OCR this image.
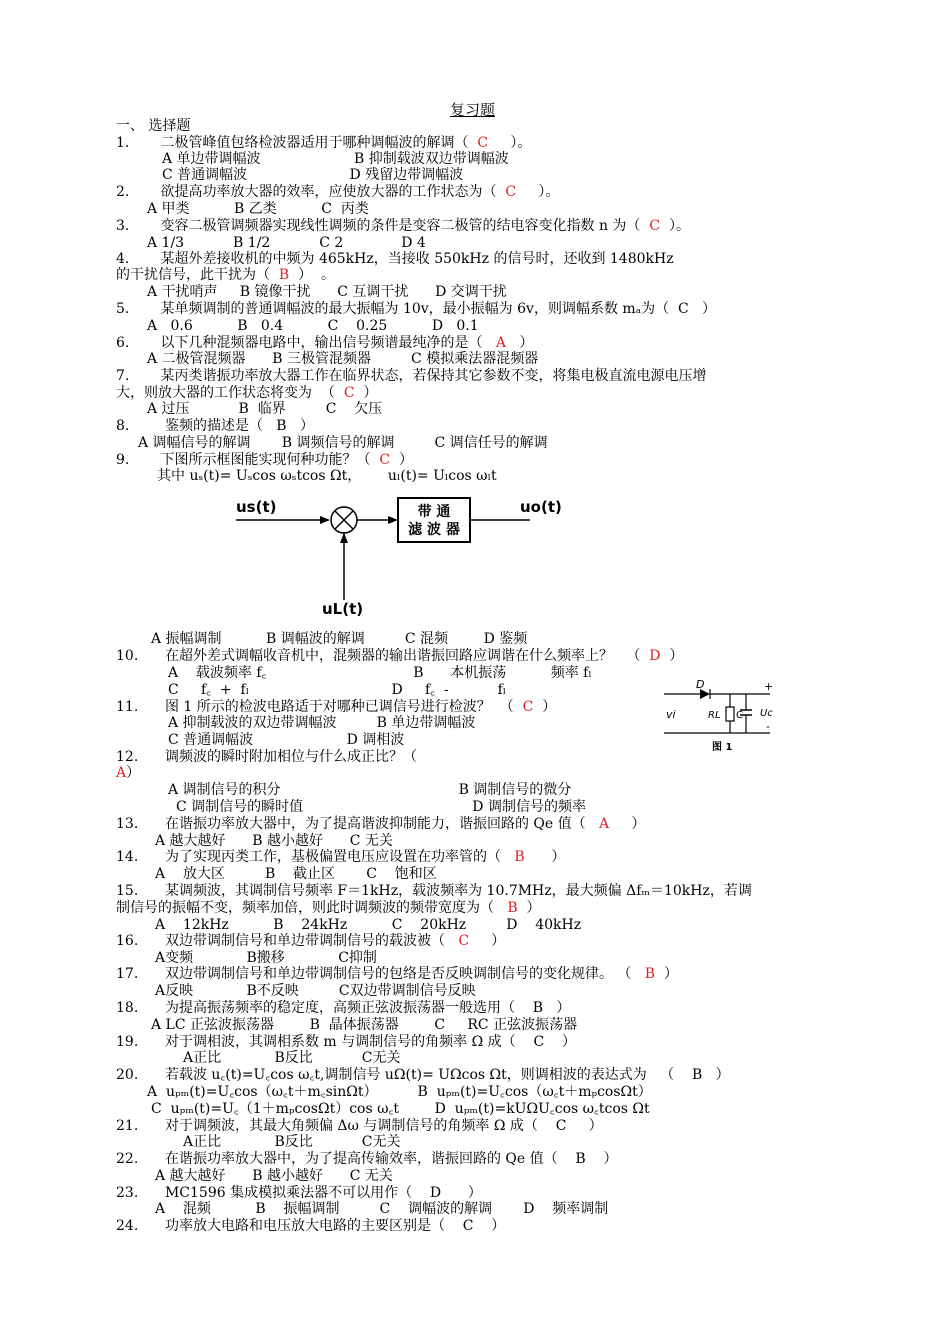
复习题
一、 选择题
1.       二极管峰值包络检波器适用于哪种调幅波的解调（  C     ）。
A 单边带调幅波                     B 抑制载波双边带调幅波
C 普通调幅波                       D 残留边带调幅波
2.       欲提高功率放大器的效率，应使放大器的工作状态为（  C     ）。
A 甲类          B 乙类          C  丙类
3.       变容二极管调频器实现线性调频的条件是变容二极管的结电容变化指数 n 为（  C  ）。
A 1/3           B 1/2           C 2             D 4
4.       某超外差接收机的中频为 465kHz，当接收 550kHz 的信号时，还收到 1480kHz
的干扰信号，此干扰为（  B  ）  。
A 干扰哨声     B 镜像干扰      C 互调干扰      D 交调干扰
5.       某单频调制的普通调幅波的最大振幅为 10v，最小振幅为 6v，则调幅系数 mₐ为（  C   ）
A   0.6          B   0.4          C    0.25          D   0.1
6.       以下几种混频器电路中，输出信号频谱最纯净的是（   A   ）
A 二极管混频器      B 三极管混频器         C 模拟乘法器混频器
7.       某丙类谐振功率放大器工作在临界状态，若保持其它参数不变，将集电极直流电源电压增
大，则放大器的工作状态将变为  （  C  ）
A 过压           B  临界         C    欠压
8.        鉴频的描述是（   B   ）
A 调幅信号的解调       B 调频信号的解调         C 调信任号的解调
9.       下图所示框图能实现何种功能？（  C  ）
其中 uₛ(t)= Uₛcos ωₛtcos Ωt，      uₗ(t)= Uₗcos ωₗt
A 振幅调制          B 调幅波的解调         C 混频        D 鉴频
10.      在超外差式调幅收音机中，混频器的输出谐振回路应调谐在什么频率上？   （  D  ）
A    载波频率 f꜀                                 B      本机振荡          频率 fₗ
C     f꜀  +  fₗ                                D     f꜀  -           fₗ
11.      图 1 所示的检波电路适于对哪种已调信号进行检波？  （  C  ）
A 抑制载波的双边带调幅波         B 单边带调幅波
C 普通调幅波                     D 调相波
12.      调频波的瞬时附加相位与什么成正比？（
A）
A 调制信号的积分                                        B 调制信号的微分
C 调制信号的瞬时值                                      D 调制信号的频率
13.      在谐振功率放大器中，为了提高谐波抑制能力，谐振回路的 Qe 值（   A     ）
A 越大越好      B 越小越好      C 无关
14.      为了实现丙类工作，基极偏置电压应设置在功率管的（   B      ）
A    放大区         B    截止区       C    饱和区
15.      某调频波，其调制信号频率 F＝1kHz，载波频率为 10.7MHz，最大频偏 Δfₘ＝10kHz，若调
制信号的振幅不变，频率加倍，则此时调频波的频带宽度为（   B  ）
A    12kHz          B    24kHz          C    20kHz         D    40kHz
16.      双边带调制信号和单边带调制信号的载波被（   C     ）
A变频            B搬移            C抑制
17.      双边带调制信号和单边带调制信号的包络是否反映调制信号的变化规律。 （   B  ）
A反映            B不反映         C双边带调制信号反映
18.      为提高振荡频率的稳定度，高频正弦波振荡器一般选用（    B   ）
A LC 正弦波振荡器        B  晶体振荡器        C     RC 正弦波振荡器
19.      对于调相波，其调相系数 m 与调制信号的角频率 Ω 成（    C    ）
A正比            B反比           C无关
20.      若载波 u꜀(t)=U꜀cos ω꜀t,调制信号 uΩ(t)= UΩcos Ωt，则调相波的表达式为   （    B   ）
A  uₚₘ(t)=U꜀cos（ω꜀t＋m꜀sinΩt）         B  uₚₘ(t)=U꜀cos（ω꜀t＋mₚcosΩt）
C  uₚₘ(t)=U꜀（1＋mₚcosΩt）cos ω꜀t        D  uₚₘ(t)=kUΩU꜀cos ω꜀tcos Ωt
21.      对于调频波，其最大角频偏 Δω 与调制信号的角频率 Ω 成（    C     ）
A正比            B反比           C无关
22.      在谐振功率放大器中，为了提高传输效率，谐振回路的 Qe 值（    B    ）
A 越大越好      B 越小越好      C 无关
23.      MC1596 集成模拟乘法器不可以用作（    D      ）
A    混频          B    振幅调制         C    调幅波的解调       D    频率调制
24.      功率放大电路和电压放大电路的主要区别是（    C    ）
us(t)	带 通
滤 波 器
uo(t)
uL(t)
D
vi	RL C
+
Uc
-
图 1
